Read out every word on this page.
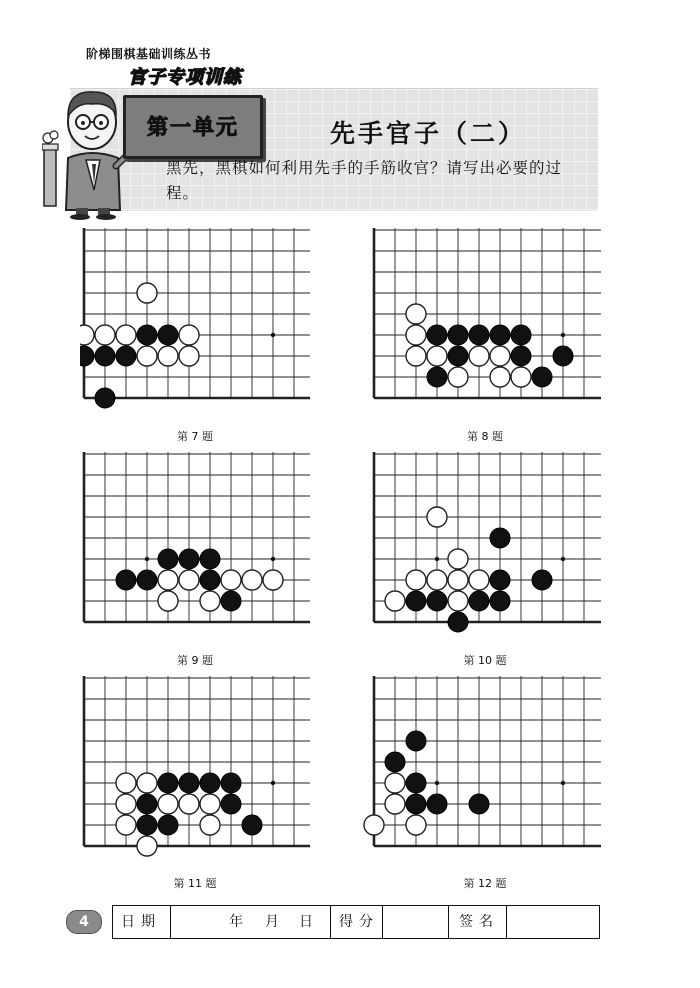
阶梯围棋基础训练丛书
官子专项训练
第一单元	先手官子（二）
黑先，黑棋如何利用先手的手筋收官？请写出必要的过程。
第 7 题	第 8 题
第 9 题	第 10 题
第 11 题	第 12 题
4	日期	年 月 日	得分	签名
